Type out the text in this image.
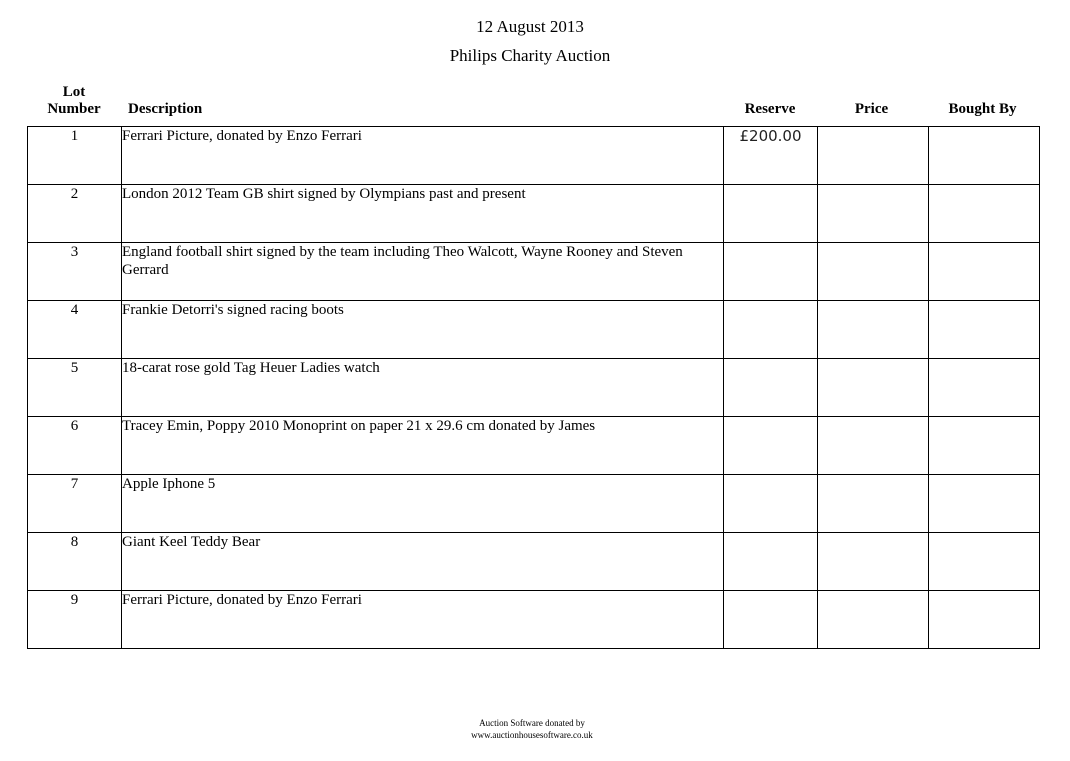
12 August 2013
Philips Charity Auction
Lot
Number	Description	Reserve	Price	Bought By
1	Ferrari Picture, donated by Enzo Ferrari	£200.00		
2	London 2012 Team GB shirt signed by Olympians past and present			
3	England football shirt signed by the team including Theo Walcott, Wayne Rooney and Steven Gerrard			
4	Frankie Detorri's signed racing boots			
5	18-carat rose gold Tag Heuer Ladies watch			
6	Tracey Emin, Poppy 2010 Monoprint on paper 21 x 29.6 cm donated by James			
7	Apple Iphone 5			
8	Giant Keel Teddy Bear			
9	Ferrari Picture, donated by Enzo Ferrari			
Auction Software donated by
www.auctionhousesoftware.co.uk
